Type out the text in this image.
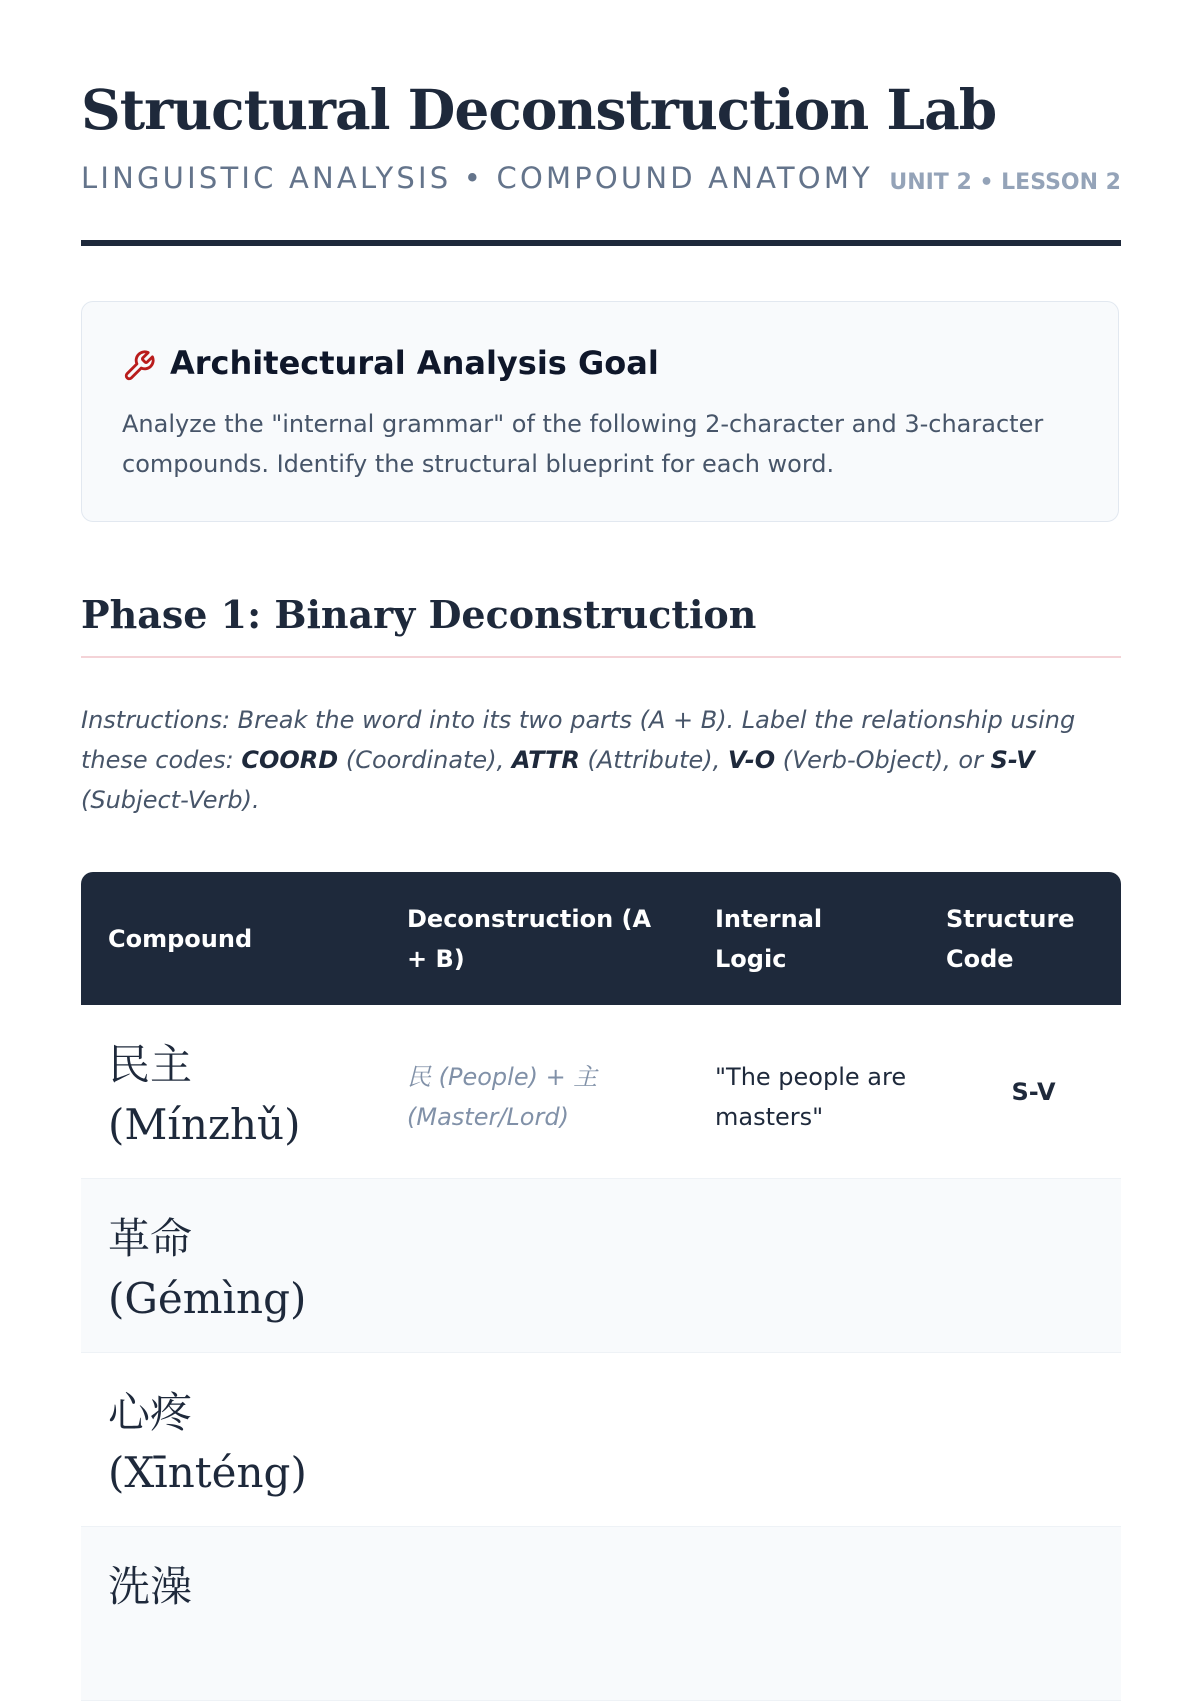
Structural Deconstruction Lab
LINGUISTIC ANALYSIS • COMPOUND ANATOMY UNIT 2 • LESSON 2
Architectural Analysis Goal
Analyze the "internal grammar" of the following 2-character and 3-character compounds. Identify the structural blueprint for each word.
Phase 1: Binary Deconstruction
Instructions: Break the word into its two parts (A + B). Label the relationship using these codes: COORD (Coordinate), ATTR (Attribute), V-O (Verb-Object), or S-V (Subject-Verb).
Compound
Deconstruction (A + B)
Internal Logic
Structure Code
民主
(Mínzhǔ)
民 (People) + 主 (Master/Lord)
"The people are masters"
S-V
革命
(Gémìng)
心疼
(Xīnténg)
洗澡
